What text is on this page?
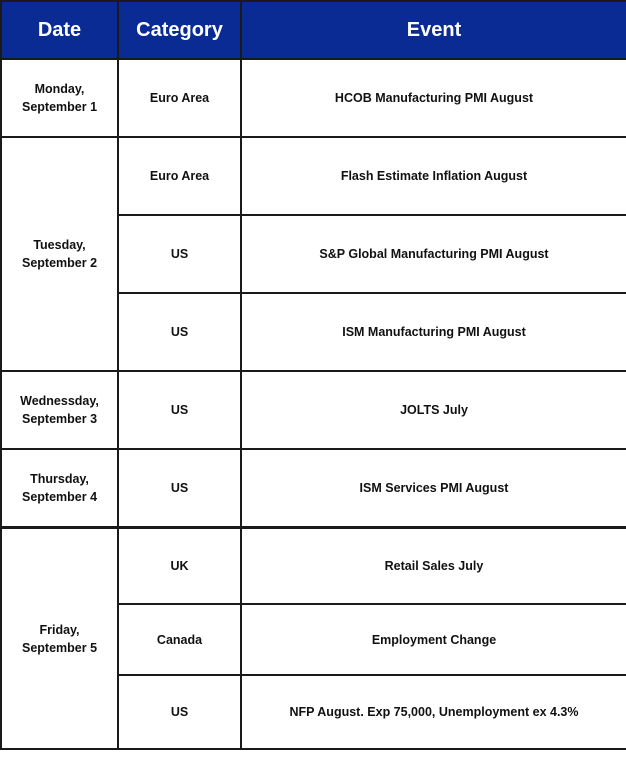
Date	Category	Event
Monday,
September 1	Euro Area	HCOB Manufacturing PMI August
Tuesday,
September 2	Euro Area	Flash Estimate Inflation August
	US	S&P Global Manufacturing PMI August
	US	ISM Manufacturing PMI August
Wednessday,
September 3	US	JOLTS July
Thursday,
September 4	US	ISM Services PMI August
Friday,
September 5	UK	Retail Sales July
	Canada	Employment Change
	US	NFP August. Exp 75,000, Unemployment ex 4.3%
